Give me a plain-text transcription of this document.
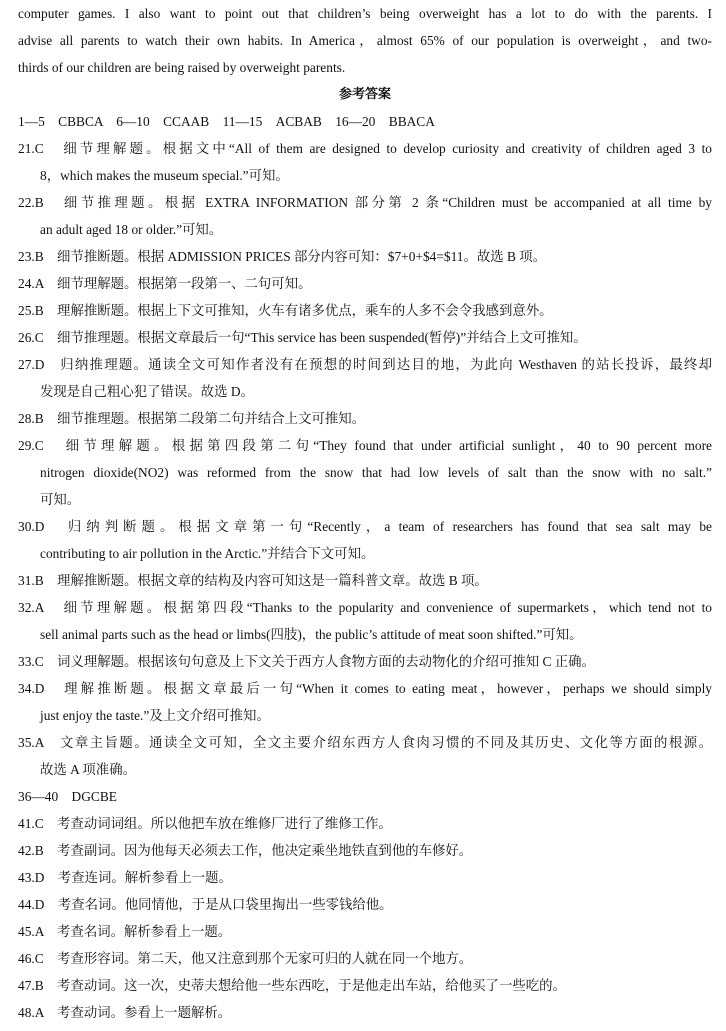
computer games. I also want to point out that children’s being overweight has a lot to do with the parents. I
advise all parents to watch their own habits. In America，almost 65% of our population is overweight，and two-
thirds of our children are being raised by overweight parents.
参考答案
1—5　CBBCA　6—10　CCAAB　11—15　ACBAB　16—20　BBACA
21.C　细节理解题。根据文中“All of them are designed to develop curiosity and creativity of children aged 3 to
8，which makes the museum special.”可知。
22.B　细节推理题。根据 EXTRA INFORMATION 部分第 2 条“Children must be accompanied at all time by
an adult aged 18 or older.”可知。
23.B　细节推断题。根据 ADMISSION PRICES 部分内容可知：$7+0+$4=$11。故选 B 项。
24.A　细节理解题。根据第一段第一、二句可知。
25.B　理解推断题。根据上下文可推知，火车有诸多优点，乘车的人多不会令我感到意外。
26.C　细节推理题。根据文章最后一句“This service has been suspended(暂停)”并结合上文可推知。
27.D　归纳推理题。通读全文可知作者没有在预想的时间到达目的地，为此向 Westhaven 的站长投诉，最终却
发现是自己粗心犯了错误。故选 D。
28.B　细节推理题。根据第二段第二句并结合上文可推知。
29.C　细节理解题。根据第四段第二句“They found that under artificial sunlight，40 to 90 percent more
nitrogen dioxide(NO2) was reformed from the snow that had low levels of salt than the snow with no salt.”
可知。
30.D　归纳判断题。根据文章第一句“Recently，a team of researchers has found that sea salt may be
contributing to air pollution in the Arctic.”并结合下文可知。
31.B　理解推断题。根据文章的结构及内容可知这是一篇科普文章。故选 B 项。
32.A　细节理解题。根据第四段“Thanks to the popularity and convenience of supermarkets，which tend not to
sell animal parts such as the head or limbs(四肢)，the public’s attitude of meat soon shifted.”可知。
33.C　词义理解题。根据该句句意及上下文关于西方人食物方面的去动物化的介绍可推知 C 正确。
34.D　理解推断题。根据文章最后一句“When it comes to eating meat，however，perhaps we should simply
just enjoy the taste.”及上文介绍可推知。
35.A　文章主旨题。通读全文可知，全文主要介绍东西方人食肉习惯的不同及其历史、文化等方面的根源。
故选 A 项准确。
36—40　DGCBE
41.C　考查动词词组。所以他把车放在维修厂进行了维修工作。
42.B　考查副词。因为他每天必须去工作，他决定乘坐地铁直到他的车修好。
43.D　考查连词。解析参看上一题。
44.D　考查名词。他同情他，于是从口袋里掏出一些零钱给他。
45.A　考查名词。解析参看上一题。
46.C　考查形容词。第二天，他又注意到那个无家可归的人就在同一个地方。
47.B　考查动词。这一次，史蒂夫想给他一些东西吃，于是他走出车站，给他买了一些吃的。
48.A　考查动词。参看上一题解析。
